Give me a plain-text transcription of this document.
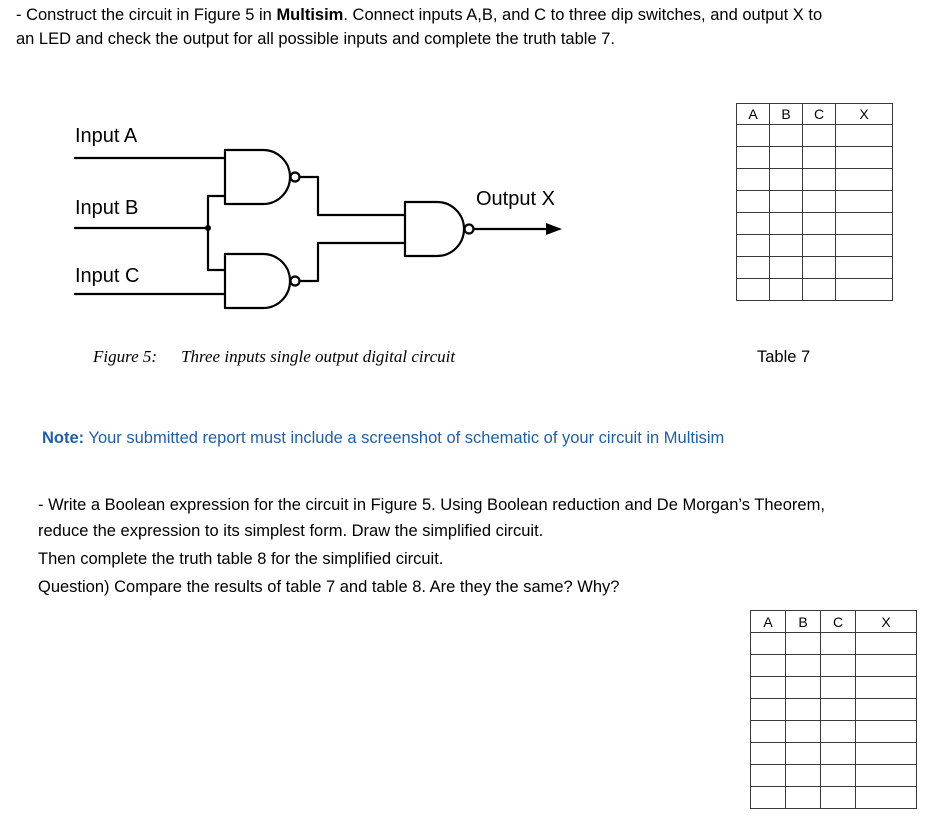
- Construct the circuit in Figure 5 in Multisim. Connect inputs A,B, and C to three dip switches, and output X to
an LED and check the output for all possible inputs and complete the truth table 7.
Input A
Input B
Input C
Output X
Figure 5: Three inputs single output digital circuit
A	B	C	X

Table 7
Note: Your submitted report must include a screenshot of schematic of your circuit in Multisim
- Write a Boolean expression for the circuit in Figure 5. Using Boolean reduction and De Morgan’s Theorem,
reduce the expression to its simplest form. Draw the simplified circuit.
Then complete the truth table 8 for the simplified circuit.
Question) Compare the results of table 7 and table 8. Are they the same? Why?
A	B	C	X
